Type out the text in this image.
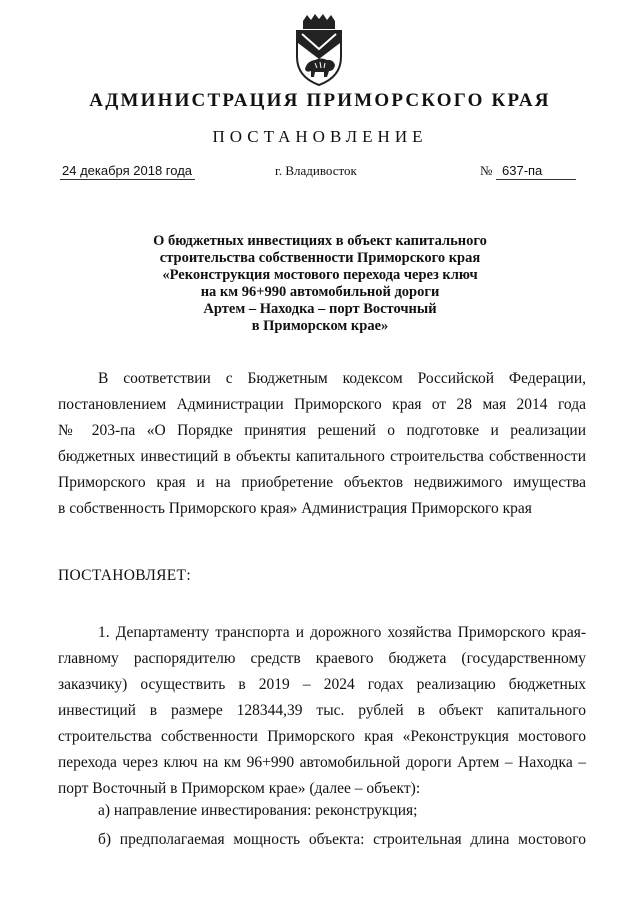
АДМИНИСТРАЦИЯ ПРИМОРСКОГО КРАЯ
ПОСТАНОВЛЕНИЕ
24 декабря 2018 года	г. Владивосток	№ 637-па
О бюджетных инвестициях в объект капитального
строительства собственности Приморского края
«Реконструкция мостового перехода через ключ
на км 96+990 автомобильной дороги
Артем – Находка – порт Восточный
в Приморском крае»
В соответствии с Бюджетным кодексом Российской Федерации,
постановлением Администрации Приморского края от 28 мая 2014 года
№ 203-па «О Порядке принятия решений о подготовке и реализации
бюджетных инвестиций в объекты капитального строительства собственности
Приморского края и на приобретение объектов недвижимого имущества
в собственность Приморского края» Администрация Приморского края
ПОСТАНОВЛЯЕТ:
1. Департаменту транспорта и дорожного хозяйства Приморского края-
главному распорядителю средств краевого бюджета (государственному
заказчику) осуществить в 2019 – 2024 годах реализацию бюджетных
инвестиций в размере 128344,39 тыс. рублей в объект капитального
строительства собственности Приморского края «Реконструкция мостового
перехода через ключ на км 96+990 автомобильной дороги Артем – Находка –
порт Восточный в Приморском крае» (далее – объект):
а) направление инвестирования: реконструкция;
б) предполагаемая мощность объекта: строительная длина мостового
